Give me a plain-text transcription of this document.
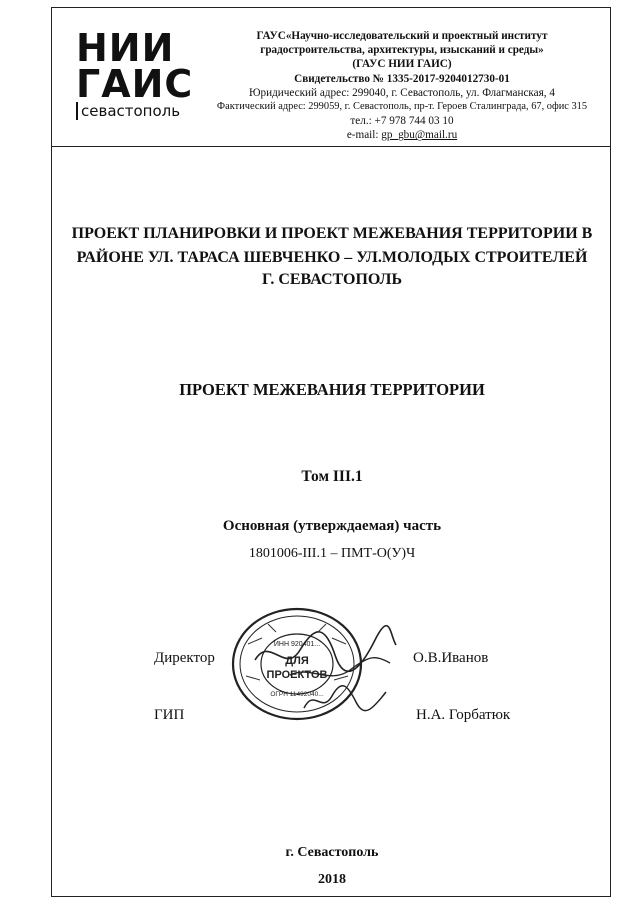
НИИ
ГАИС
севастополь
ГАУС«Научно-исследовательский и проектный институт
градостроительства, архитектуры, изысканий и среды»
(ГАУС НИИ ГАИС)
Свидетельство № 1335-2017-9204012730-01
Юридический адрес: 299040, г. Севастополь, ул. Флагманская, 4
Фактический адрес: 299059, г. Севастополь, пр-т. Героев Сталинграда, 67, офис 315
тел.: +7 978 744 03 10
e-mail: gp_gbu@mail.ru
ПРОЕКТ ПЛАНИРОВКИ И ПРОЕКТ МЕЖЕВАНИЯ ТЕРРИТОРИИ В
РАЙОНЕ УЛ. ТАРАСА ШЕВЧЕНКО – УЛ.МОЛОДЫХ СТРОИТЕЛЕЙ
Г. СЕВАСТОПОЛЬ
ПРОЕКТ МЕЖЕВАНИЯ ТЕРРИТОРИИ
Том III.1
Основная (утверждаемая) часть
1801006-III.1 – ПМТ-О(У)Ч
Директор	О.В.Иванов
ГИП	Н.А. Горбатюк
ДЛЯ
ПРОЕКТОВ
ИНН 920401...
ОГРН 11492040...
г. Севастополь
2018
